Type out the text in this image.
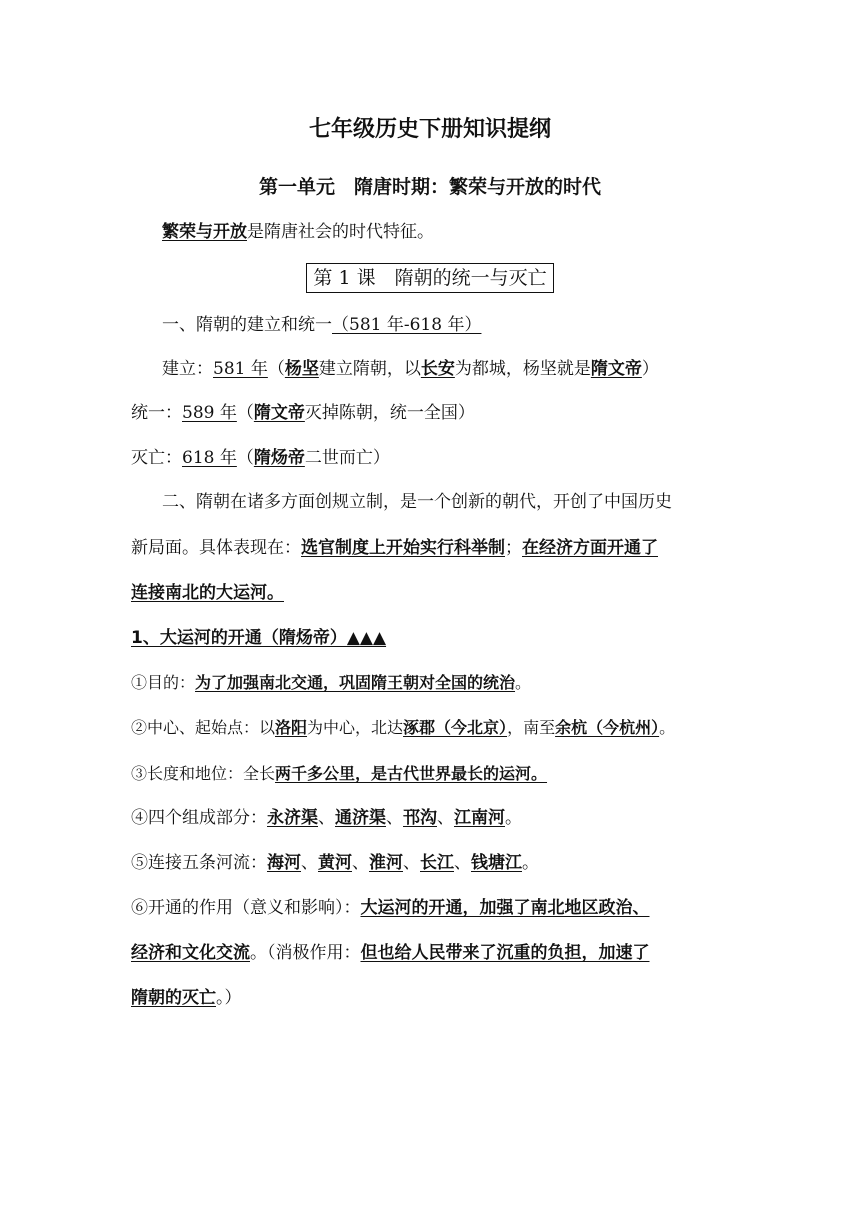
七年级历史下册知识提纲
第一单元　隋唐时期：繁荣与开放的时代
繁荣与开放是隋唐社会的时代特征。
第 1 课　隋朝的统一与灭亡
一、隋朝的建立和统一（581 年-618 年）
建立：581 年（杨坚建立隋朝，以长安为都城，杨坚就是隋文帝）
统一：589 年（隋文帝灭掉陈朝，统一全国）
灭亡：618 年（隋炀帝二世而亡）
二、隋朝在诸多方面创规立制，是一个创新的朝代，开创了中国历史
新局面。具体表现在：选官制度上开始实行科举制；在经济方面开通了
连接南北的大运河。
1、大运河的开通（隋炀帝）▲▲▲
①目的：为了加强南北交通，巩固隋王朝对全国的统治。
②中心、起始点：以洛阳为中心，北达涿郡（今北京），南至余杭（今杭州）。
③长度和地位：全长两千多公里，是古代世界最长的运河。
④四个组成部分：永济渠、通济渠、邗沟、江南河。
⑤连接五条河流：海河、黄河、淮河、长江、钱塘江。
⑥开通的作用（意义和影响）：大运河的开通，加强了南北地区政治、
经济和文化交流。（消极作用：但也给人民带来了沉重的负担，加速了
隋朝的灭亡。）
